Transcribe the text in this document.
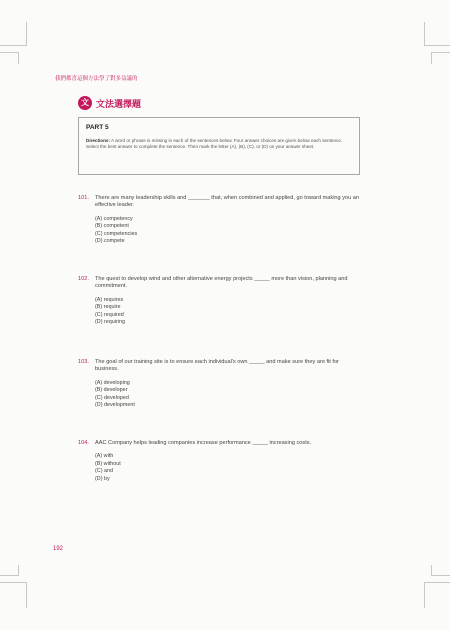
我們都喜這個方法學了對多益議的
文 文法選擇題
PART 5
Directions: A word or phrase is missing in each of the sentences below. Four answer choices are given below each sentence. Select the best answer to complete the sentence. Then mark the letter (A), (B), (C), or (D) on your answer sheet.
101. There are many leadership skills and _______ that, when combined and applied, go toward making you an effective leader.
(A) competency
(B) competent
(C) competencies
(D) compete
102. The quest to develop wind and other alternative energy projects _____ more than vision, planning and commitment.
(A) requires
(B) require
(C) required
(D) requiring
103. The goal of our training site is to ensure each individual's own _____ and make sure they are fit for business.
(A) developing
(B) developer
(C) developed
(D) development
104. AAC Company helps leading companies increase performance _____ increasing costs.
(A) with
(B) without
(C) and
(D) by
192
